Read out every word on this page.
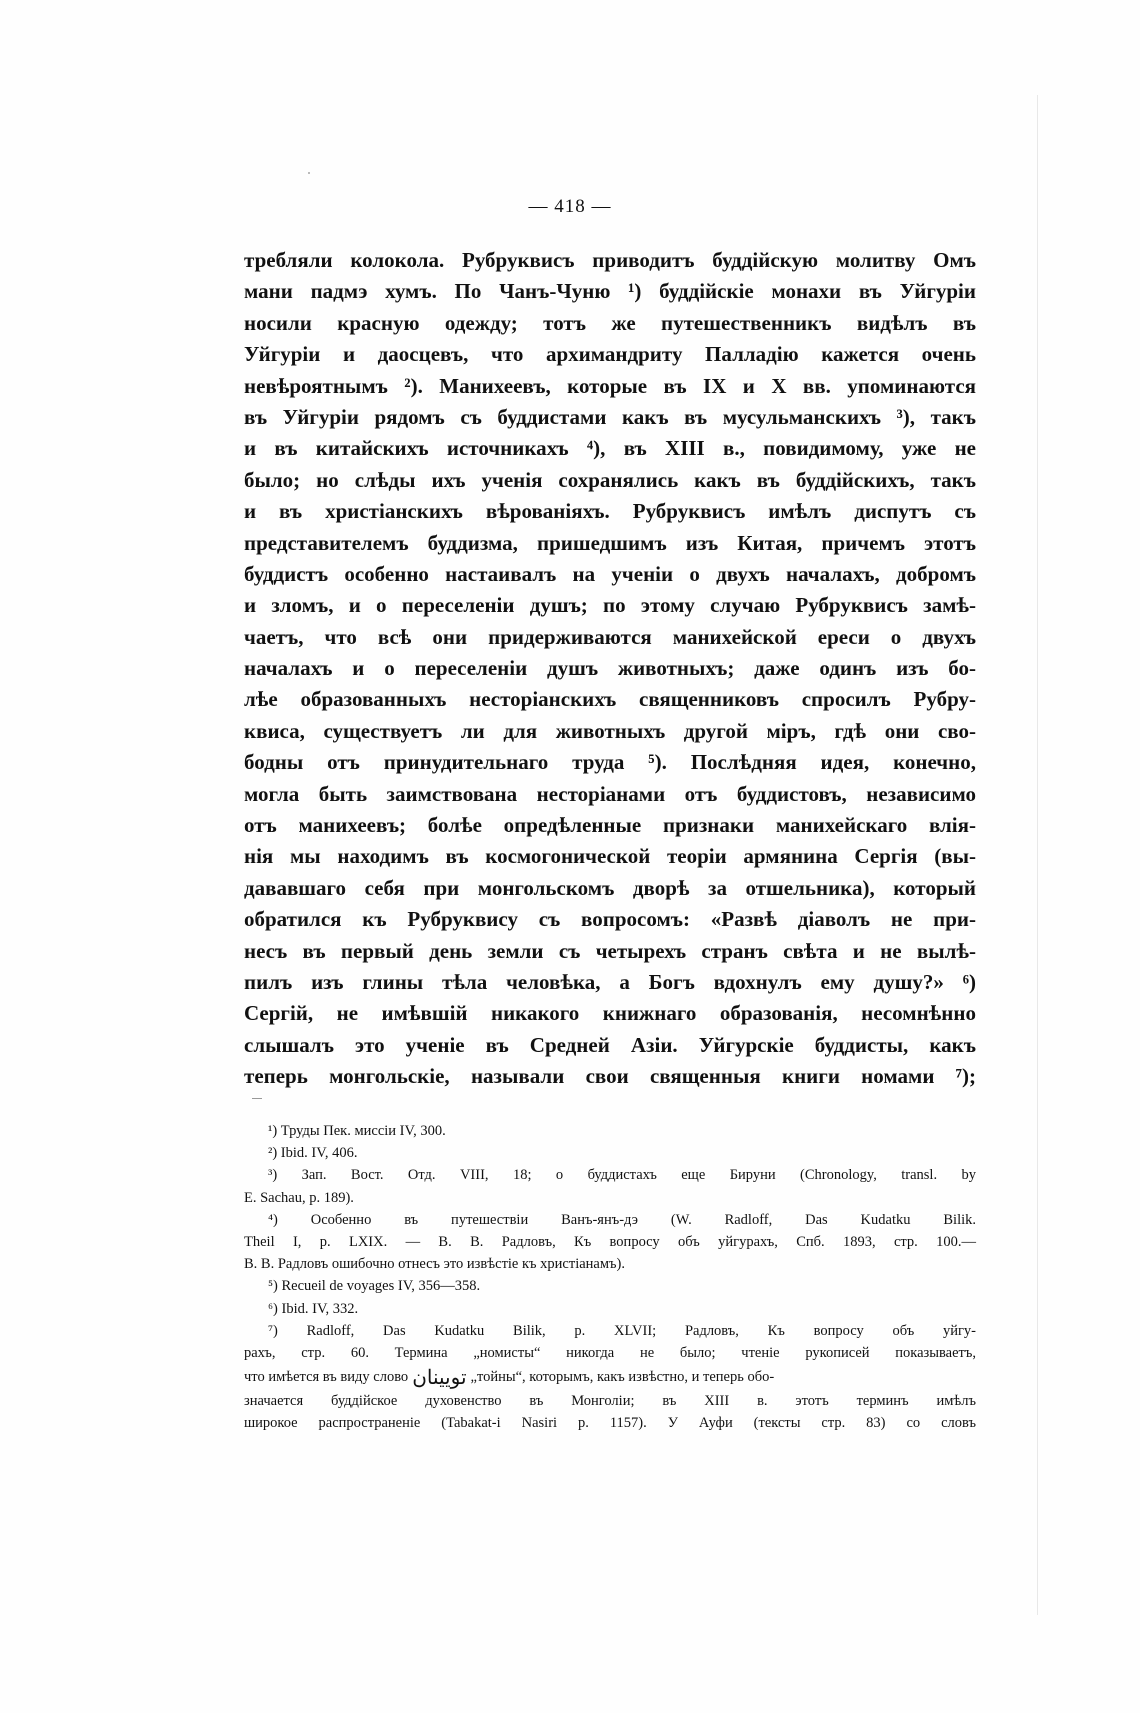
— 418 —
требляли колокола. Рубруквисъ приводитъ буддійскую молитву Омъ
мани падмэ хумъ. По Чанъ-Чуню ¹) буддійскіе монахи въ Уйгуріи
носили красную одежду; тотъ же путешественникъ видѣлъ въ
Уйгуріи и даосцевъ, что архимандриту Палладію кажется очень
невѣроятнымъ ²). Манихеевъ, которые въ IX и X вв. упоминаются
въ Уйгуріи рядомъ съ буддистами какъ въ мусульманскихъ ³), такъ
и въ китайскихъ источникахъ ⁴), въ XIII в., повидимому, уже не
было; но слѣды ихъ ученія сохранялись какъ въ буддійскихъ, такъ
и въ христіанскихъ вѣрованіяхъ. Рубруквисъ имѣлъ диспутъ съ
представителемъ буддизма, пришедшимъ изъ Китая, причемъ этотъ
буддистъ особенно настаивалъ на ученіи о двухъ началахъ, добромъ
и зломъ, и о переселеніи душъ; по этому случаю Рубруквисъ замѣ-
чаетъ, что всѣ они придерживаются манихейской ереси о двухъ
началахъ и о переселеніи душъ животныхъ; даже одинъ изъ бо-
лѣе образованныхъ несторіанскихъ священниковъ спросилъ Рубру-
квиса, существуетъ ли для животныхъ другой міръ, гдѣ они сво-
бодны отъ принудительнаго труда ⁵). Послѣдняя идея, конечно,
могла быть заимствована несторіанами отъ буддистовъ, независимо
отъ манихеевъ; болѣе опредѣленные признаки манихейскаго влія-
нія мы находимъ въ космогонической теоріи армянина Сергія (вы-
дававшаго себя при монгольскомъ дворѣ за отшельника), который
обратился къ Рубруквису съ вопросомъ: «Развѣ діаволъ не при-
несъ въ первый день земли съ четырехъ странъ свѣта и не вылѣ-
пилъ изъ глины тѣла человѣка, а Богъ вдохнулъ ему душу?» ⁶)
Сергій, не имѣвшій никакого книжнаго образованія, несомнѣнно
слышалъ это ученіе въ Средней Азіи. Уйгурскіе буддисты, какъ
теперь монгольскіе, называли свои священныя книги номами ⁷);
¹) Труды Пек. миссіи IV, 300.
²) Ibid. IV, 406.
³) Зап. Вост. Отд. VIII, 18; о буддистахъ еще Бируни (Chronology, transl. by
E. Sachau, p. 189).
⁴) Особенно въ путешествіи Ванъ-янъ-дэ (W. Radloff, Das Kudatku Bilik.
Theil I, p. LXIX. — В. В. Радловъ, Къ вопросу объ уйгурахъ, Спб. 1893, стр. 100.—
В. В. Радловъ ошибочно отнесъ это извѣстіе къ христіанамъ).
⁵) Recueil de voyages IV, 356—358.
⁶) Ibid. IV, 332.
⁷) Radloff, Das Kudatku Bilik, p. XLVII; Радловъ, Къ вопросу объ уйгу-
рахъ, стр. 60. Термина „номисты“ никогда не было; чтеніе рукописей показываетъ,
что имѣется въ виду слово تویینان „тойны“, которымъ, какъ извѣстно, и теперь обо-
значается буддійское духовенство въ Монголіи; въ XIII в. этотъ терминъ имѣлъ
широкое распространеніе (Tabakat-i Nasiri p. 1157). У Ауфи (тексты стр. 83) со словъ
